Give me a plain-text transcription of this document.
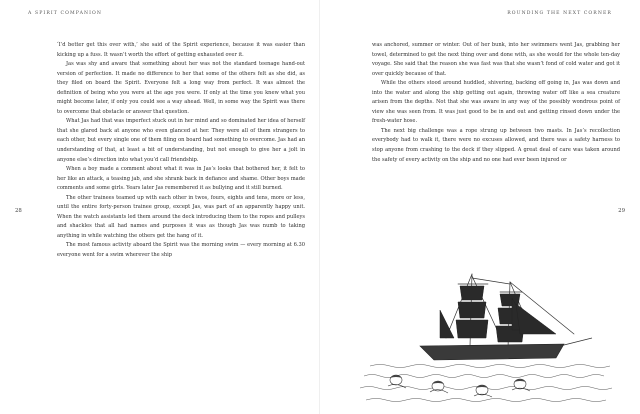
A SPIRIT COMPANION
28

‘I’d better get this over with,’ she said of the Spirit experience, because it was easier than kicking up a fuss. It wasn’t worth the effort of getting exhausted over it.

Jas was shy and aware that something about her was not the standard teenage hand-out version of perfection. It made no difference to her that some of the others felt as she did, as they filed on board the Spirit. Everyone felt a long way from perfect. It was almost the definition of being who you were at the age you were. If only at the time you knew what you might become later, if only you could see a way ahead. Well, in some way the Spirit was there to overcome that obstacle or answer that question.

What Jas had that was imperfect stuck out in her mind and so dominated her idea of herself that she glared back at anyone who even glanced at her. They were all of them strangers to each other, but every single one of them filing on board had something to overcome. Jas had an understanding of that, at least a bit of understanding, but not enough to give her a jolt in anyone else’s direction into what you’d call friendship.

When a boy made a comment about what it was in Jas’s looks that bothered her, it felt to her like an attack, a teasing jab, and she shrank back in defiance and shame. Other boys made comments and some girls. Years later Jas remembered it as bullying and it still burned.

The other trainees teamed up with each other in twos, fours, eights and tens, more or less, until the entire forty-person trainee group, except Jas, was part of an apparently happy unit. When the watch assistants led them around the deck introducing them to the ropes and pulleys and shackles that all had names and purposes it was as though Jas was numb to taking anything in while watching the others get the hang of it.

The most famous activity aboard the Spirit was the morning swim — every morning at 6.30 everyone went for a swim wherever the ship

ROUNDING THE NEXT CORNER
29

was anchored, summer or winter. Out of her bunk, into her swimmers went Jas, grabbing her towel, determined to get the next thing over and done with, as she would for the whole ten-day voyage. She said that the reason she was fast was that she wasn’t fond of cold water and got it over quickly because of that.

While the others stood around huddled, shivering, backing off going in, Jas was down and into the water and along the ship getting out again, throwing water off like a sea creature arisen from the depths. Not that she was aware in any way of the possibly wondrous point of view she was seen from. It was just good to be in and out and getting rinsed down under the fresh-water hose.

The next big challenge was a rope strung up between two masts. In Jas’s recollection everybody had to walk it, there were no excuses allowed, and there was a safety harness to stop anyone from crashing to the deck if they slipped. A great deal of care was taken around the safety of every activity on the ship and no one had ever been injured or
